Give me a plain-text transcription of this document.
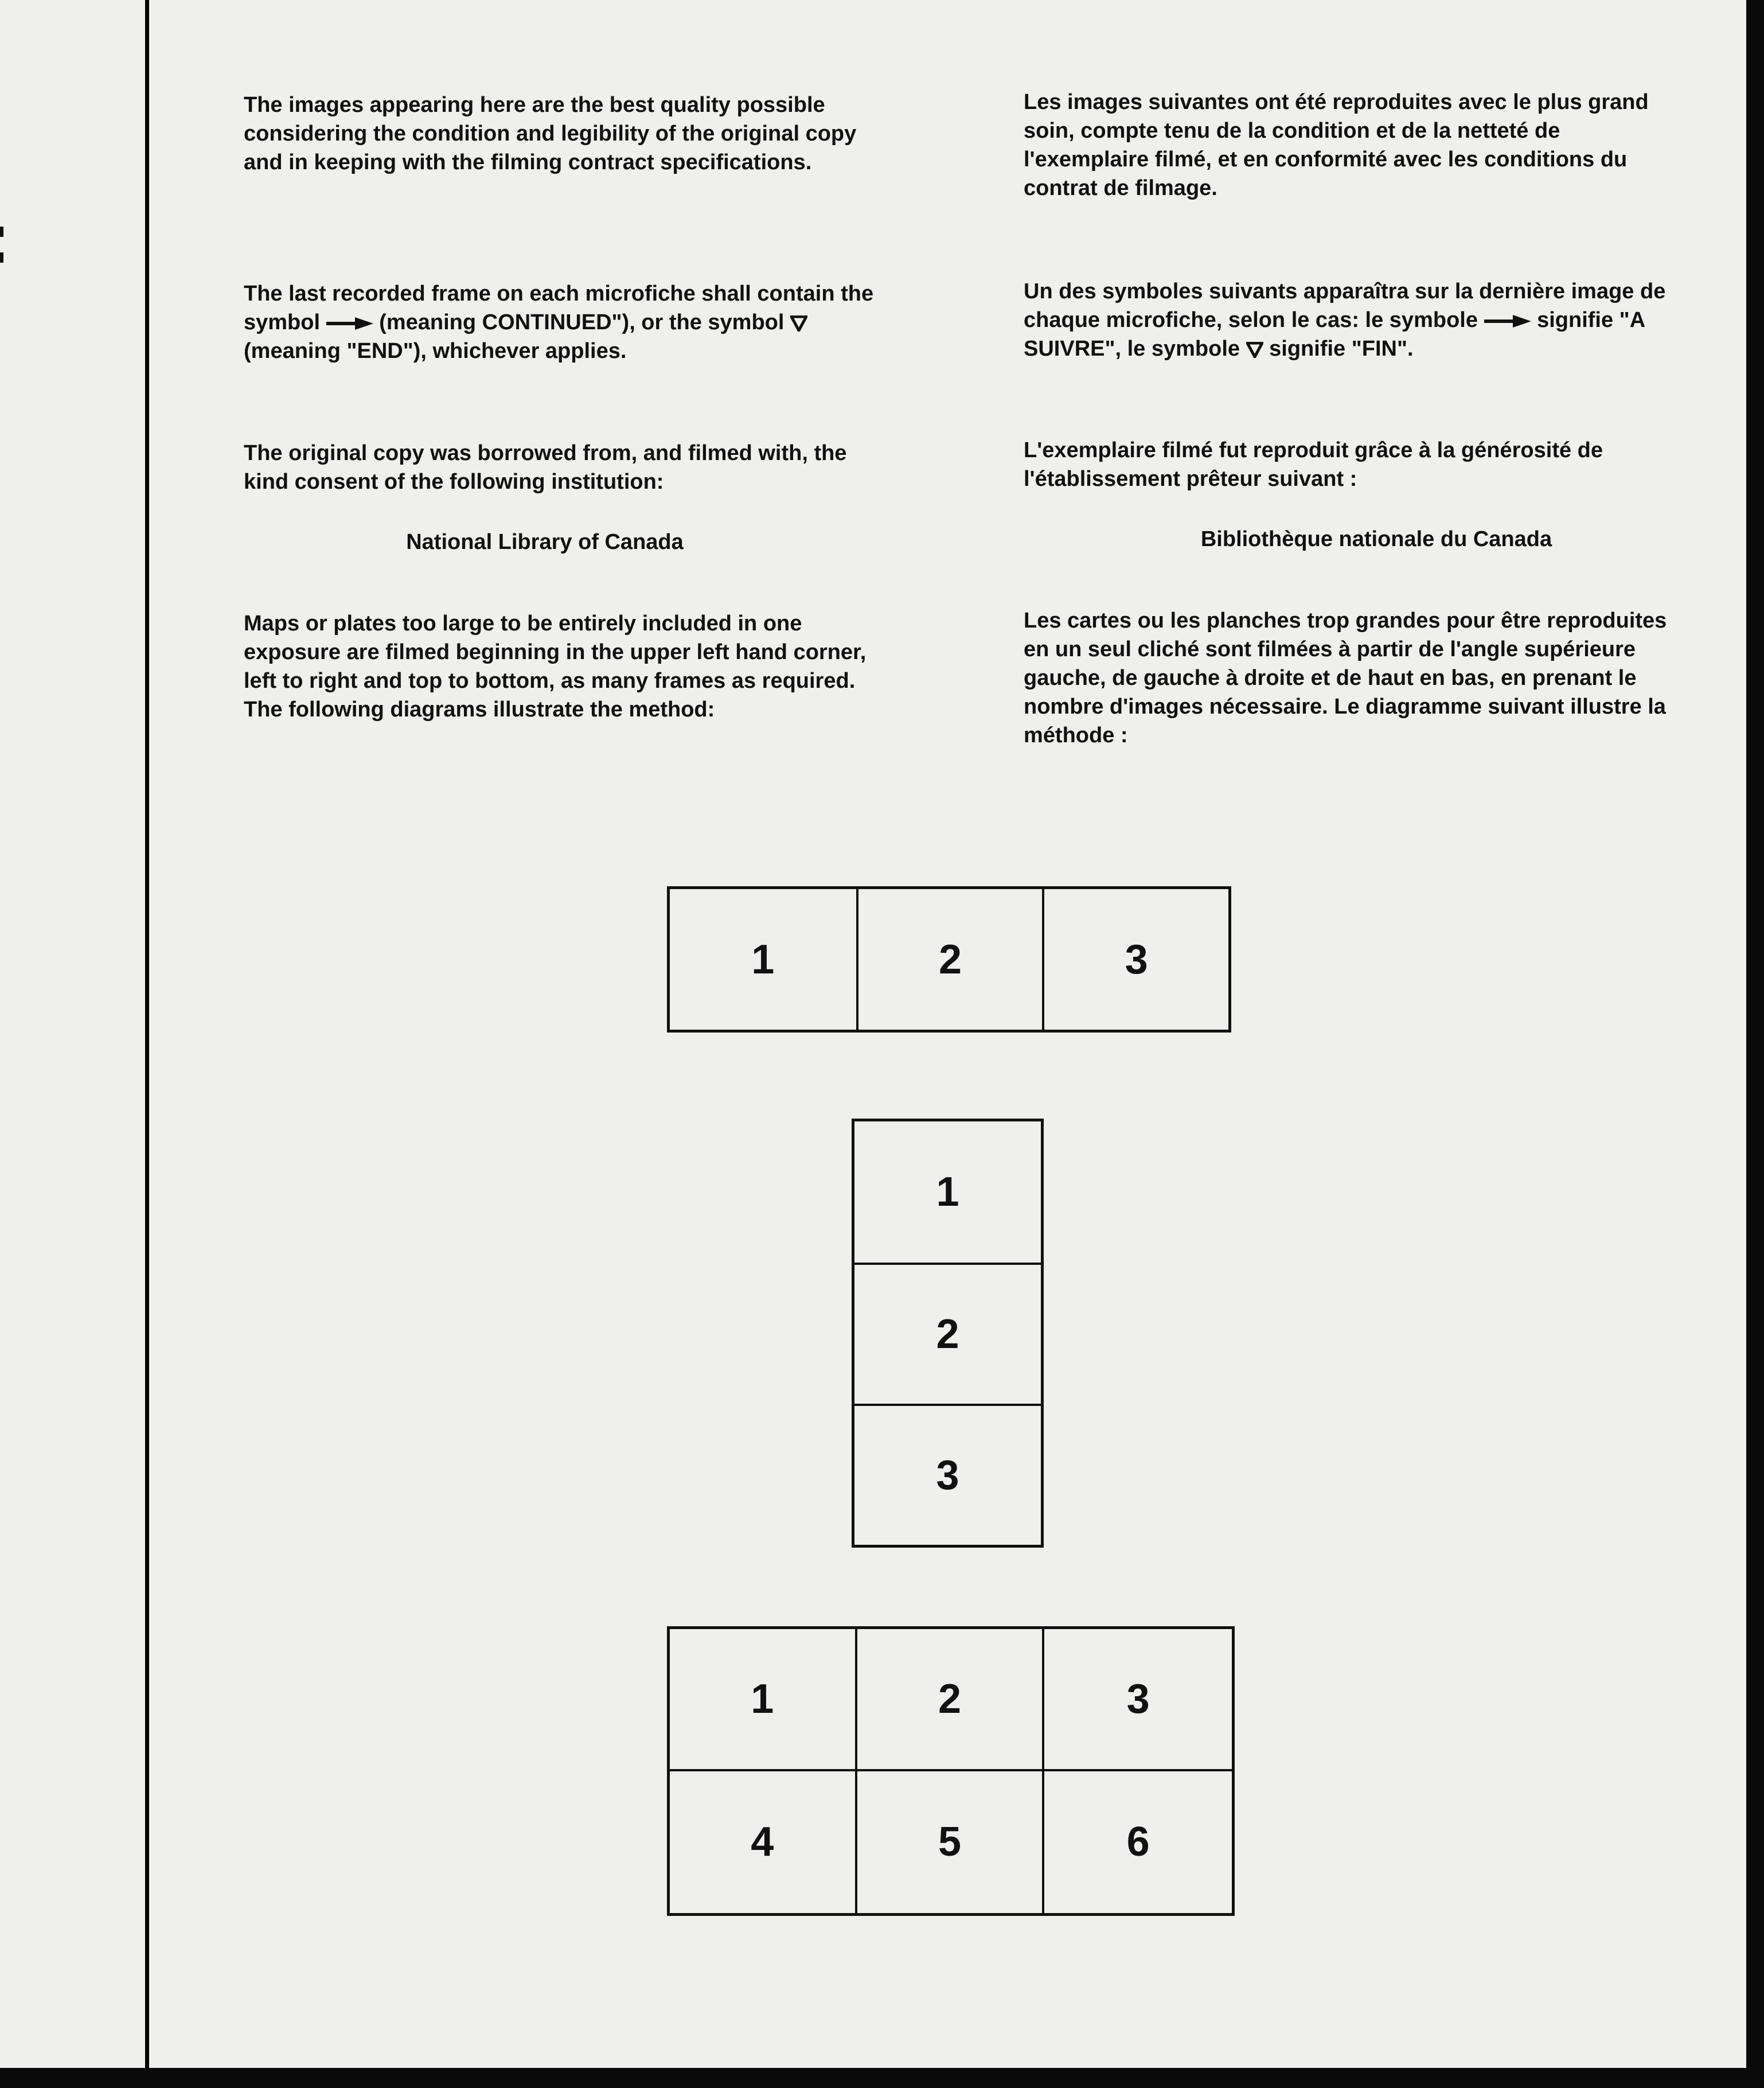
The images appearing here are the best quality possible considering the condition and legibility of the original copy and in keeping with the filming contract specifications.

The last recorded frame on each microfiche shall contain the symbol	(meaning CONTINUED"), or the symbol
(meaning "END"), whichever applies.

The original copy was borrowed from, and filmed with, the kind consent of the following institution:

National Library of Canada

Maps or plates too large to be entirely included in one exposure are filmed beginning in the upper left hand corner, left to right and top to bottom, as many frames as required. The following diagrams illustrate the method:

Les images suivantes ont été reproduites avec le plus grand soin, compte tenu de la condition et de la netteté de l'exemplaire filmé, et en conformité avec les conditions du contrat de filmage.

Un des symboles suivants apparaîtra sur la dernière image de chaque microfiche, selon le cas: le symbole	signifie "A SUIVRE", le symbole signifie "FIN".

L'exemplaire filmé fut reproduit grâce à la générosité de l'établissement prêteur suivant :

Bibliothèque nationale du Canada

Les cartes ou les planches trop grandes pour être reproduites en un seul cliché sont filmées à partir de l'angle supérieure gauche, de gauche à droite et de haut en bas, en prenant le nombre d'images nécessaire. Le diagramme suivant illustre la méthode :

1	2	3
1
2
3
1	2	3
4	5	6
